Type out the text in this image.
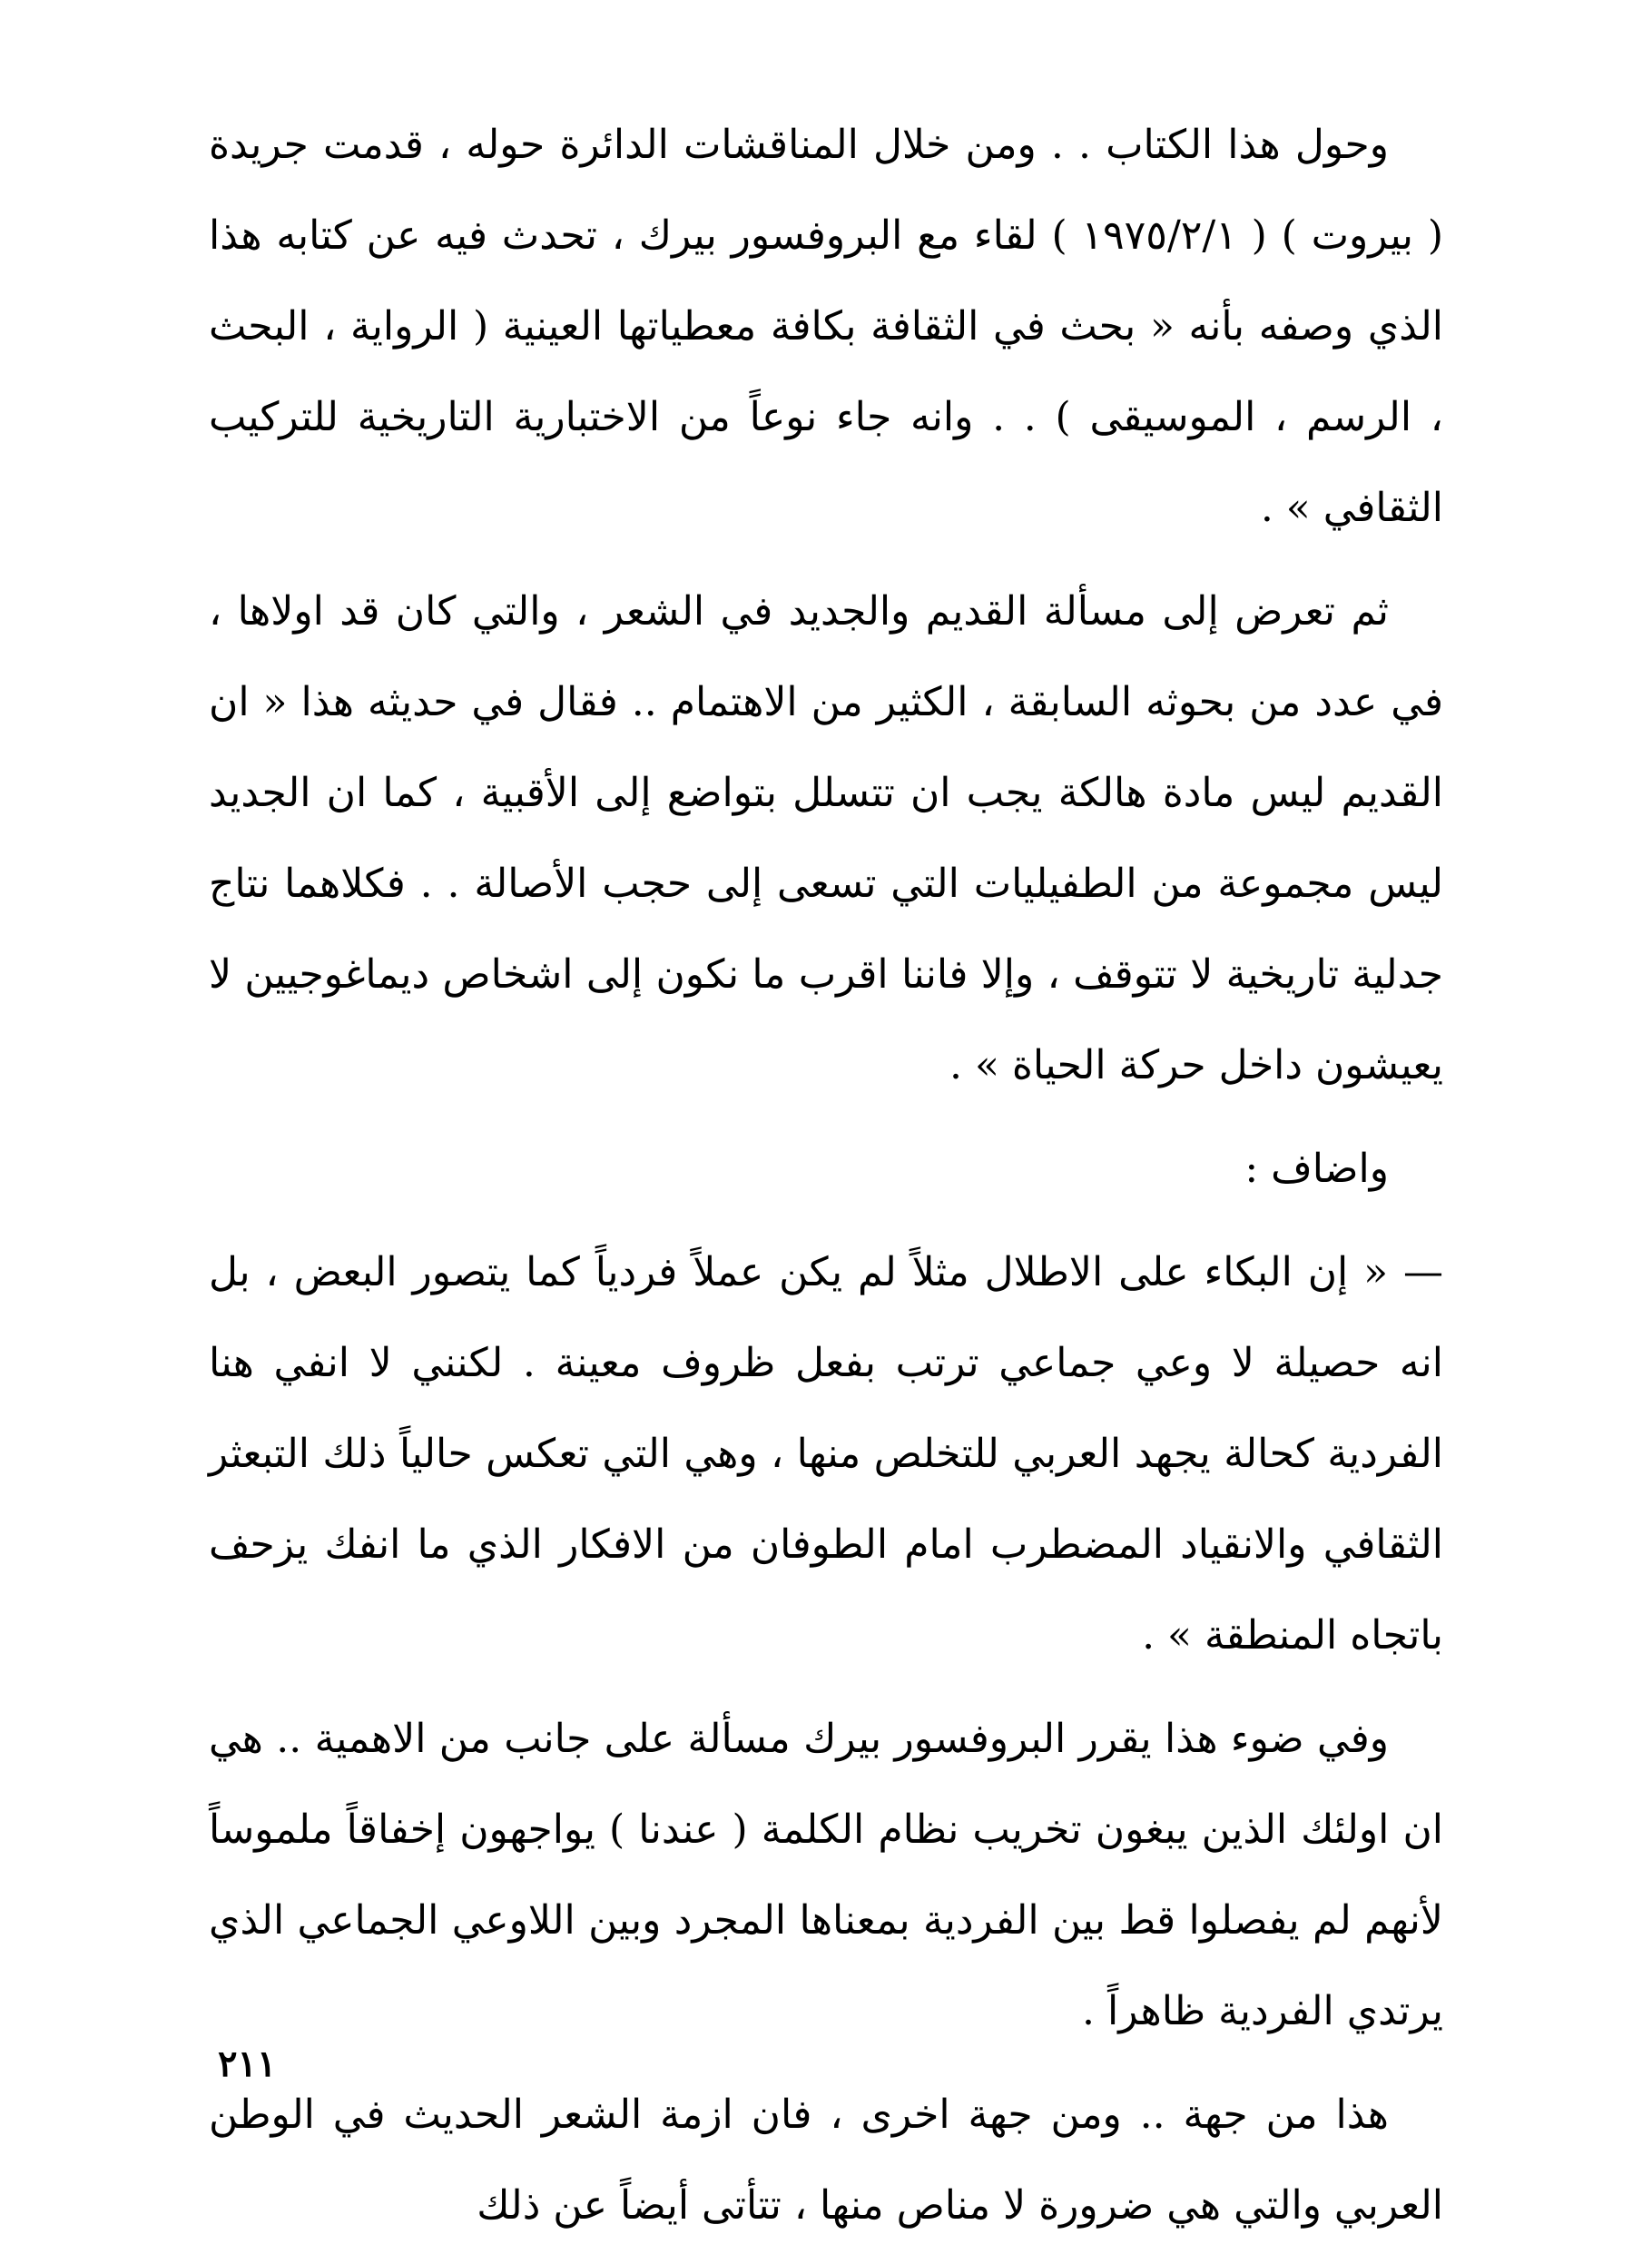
وحول هذا الكتاب . . ومن خلال المناقشات الدائرة حوله ، قدمت جريدة ( بيروت ) ( ١٩٧٥/٢/١ ) لقاء مع البروفسور بيرك ، تحدث فيه عن كتابه هذا الذي وصفه بأنه « بحث في الثقافة بكافة معطياتها العينية ( الرواية ، البحث ، الرسم ، الموسيقى ) . . وانه جاء نوعاً من الاختبارية التاريخية للتركيب الثقافي » .

ثم تعرض إلى مسألة القديم والجديد في الشعر ، والتي كان قد اولاها ، في عدد من بحوثه السابقة ، الكثير من الاهتمام .. فقال في حديثه هذا « ان القديم ليس مادة هالكة يجب ان تتسلل بتواضع إلى الأقبية ، كما ان الجديد ليس مجموعة من الطفيليات التي تسعى إلى حجب الأصالة . . فكلاهما نتاج جدلية تاريخية لا تتوقف ، وإلا فاننا اقرب ما نكون إلى اشخاص ديماغوجيين لا يعيشون داخل حركة الحياة » .

واضاف :

— « إن البكاء على الاطلال مثلاً لم يكن عملاً فردياً كما يتصور البعض ، بل انه حصيلة لا وعي جماعي ترتب بفعل ظروف معينة . لكنني لا انفي هنا الفردية كحالة يجهد العربي للتخلص منها ، وهي التي تعكس حالياً ذلك التبعثر الثقافي والانقياد المضطرب امام الطوفان من الافكار الذي ما انفك يزحف باتجاه المنطقة » .

وفي ضوء هذا يقرر البروفسور بيرك مسألة على جانب من الاهمية .. هي ان اولئك الذين يبغون تخريب نظام الكلمة ( عندنا ) يواجهون إخفاقاً ملموساً لأنهم لم يفصلوا قط بين الفردية بمعناها المجرد وبين اللاوعي الجماعي الذي يرتدي الفردية ظاهراً .

هذا من جهة .. ومن جهة اخرى ، فان ازمة الشعر الحديث في الوطن العربي والتي هي ضرورة لا مناص منها ، تتأتى أيضاً عن ذلك

٢١١
